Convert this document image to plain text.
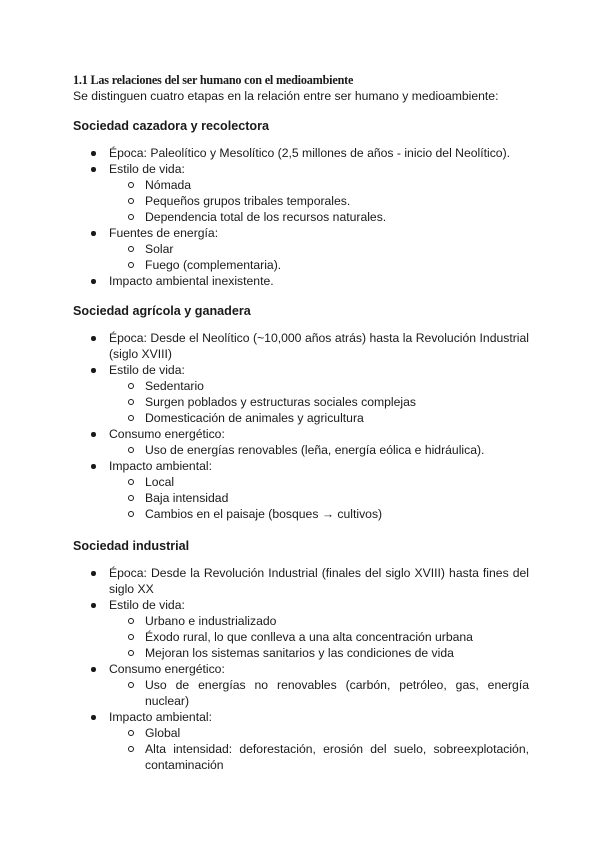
1.1 Las relaciones del ser humano con el medioambiente
Se distinguen cuatro etapas en la relación entre ser humano y medioambiente:
Sociedad cazadora y recolectora
Época: Paleolítico y Mesolítico (2,5 millones de años - inicio del Neolítico).
Estilo de vida:
Nómada
Pequeños grupos tribales temporales.
Dependencia total de los recursos naturales.
Fuentes de energía:
Solar
Fuego (complementaria).
Impacto ambiental inexistente.
Sociedad agrícola y ganadera
Época: Desde el Neolítico (~10,000 años atrás) hasta la Revolución Industrial (siglo XVIII)
Estilo de vida:
Sedentario
Surgen poblados y estructuras sociales complejas
Domesticación de animales y agricultura
Consumo energético:
Uso de energías renovables (leña, energía eólica e hidráulica).
Impacto ambiental:
Local
Baja intensidad
Cambios en el paisaje (bosques → cultivos)
Sociedad industrial
Época: Desde la Revolución Industrial (finales del siglo XVIII) hasta fines del siglo XX
Estilo de vida:
Urbano e industrializado
Éxodo rural, lo que conlleva a una alta concentración urbana
Mejoran los sistemas sanitarios y las condiciones de vida
Consumo energético:
Uso de energías no renovables (carbón, petróleo, gas, energía nuclear)
Impacto ambiental:
Global
Alta intensidad: deforestación, erosión del suelo, sobreexplotación, contaminación
